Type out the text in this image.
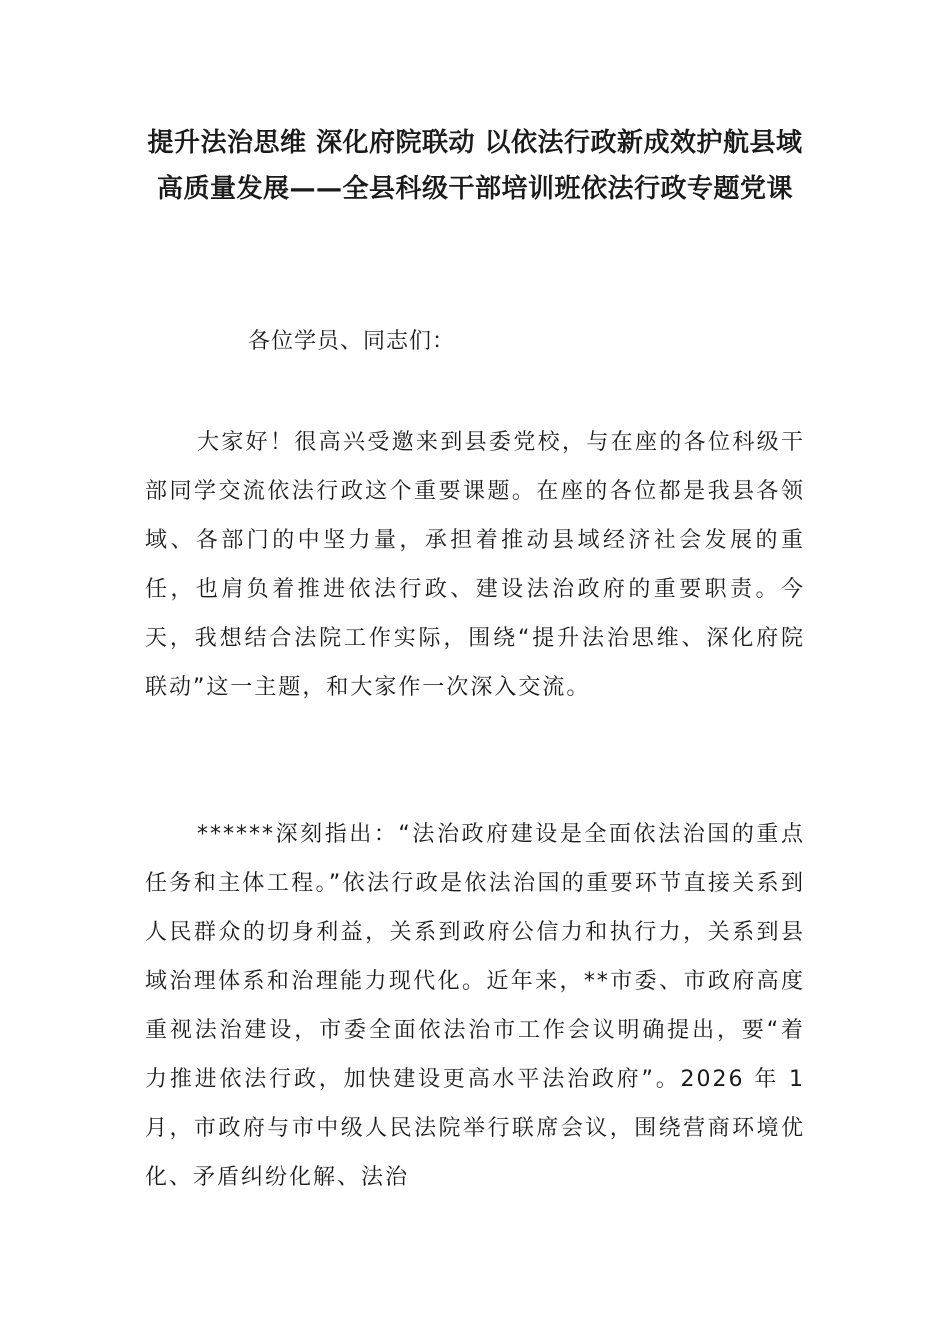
提升法治思维 深化府院联动 以依法行政新成效护航县域高质量发展——全县科级干部培训班依法行政专题党课

各位学员、同志们：

大家好！很高兴受邀来到县委党校，与在座的各位科级干部同学交流依法行政这个重要课题。在座的各位都是我县各领域、各部门的中坚力量，承担着推动县域经济社会发展的重任，也肩负着推进依法行政、建设法治政府的重要职责。今天，我想结合法院工作实际，围绕“提升法治思维、深化府院联动”这一主题，和大家作一次深入交流。

******深刻指出：“法治政府建设是全面依法治国的重点任务和主体工程。”依法行政是依法治国的重要环节直接关系到人民群众的切身利益，关系到政府公信力和执行力，关系到县域治理体系和治理能力现代化。近年来，**市委、市政府高度重视法治建设，市委全面依法治市工作会议明确提出，要“着力推进依法行政，加快建设更高水平法治政府”。2026 年 1 月，市政府与市中级人民法院举行联席会议，围绕营商环境优化、矛盾纠纷化解、法治
